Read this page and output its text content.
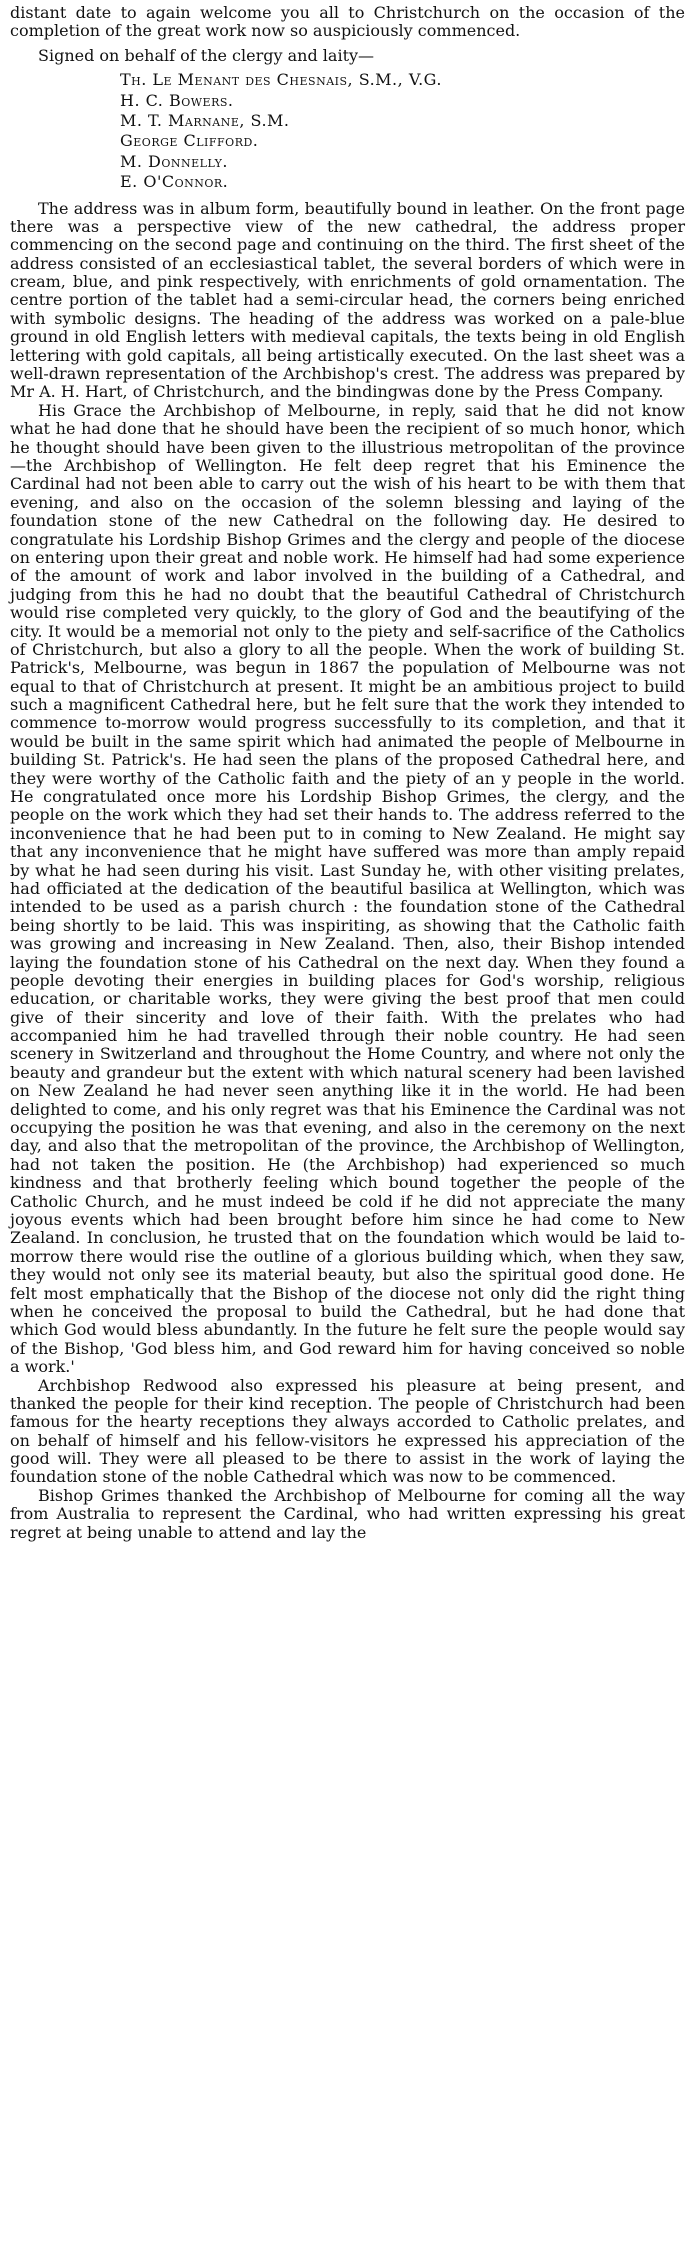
distant date to again welcome you all to Christchurch on the occasion of the completion of the great work now so auspiciously commenced.

Signed on behalf of the clergy and laity—

Th. Le Menant des Chesnais, S.M., V.G.
H. C. Bowers.
M. T. Marnane, S.M.
George Clifford.
M. Donnelly.
E. O'Connor.

The address was in album form, beautifully bound in leather. On the front page there was a perspective view of the new cathedral, the address proper commencing on the second page and continuing on the third. The first sheet of the address consisted of an ecclesiastical tablet, the several borders of which were in cream, blue, and pink respectively, with enrichments of gold ornamentation. The centre portion of the tablet had a semi-circular head, the corners being enriched with symbolic designs. The heading of the address was worked on a pale-blue ground in old English letters with medieval capitals, the texts being in old English lettering with gold capitals, all being artistically executed. On the last sheet was a well-drawn representation of the Archbishop's crest. The address was prepared by Mr A. H. Hart, of Christchurch, and the bindingwas done by the Press Company.

His Grace the Archbishop of Melbourne, in reply, said that he did not know what he had done that he should have been the recipient of so much honor, which he thought should have been given to the illustrious metropolitan of the province—the Archbishop of Wellington. He felt deep regret that his Eminence the Cardinal had not been able to carry out the wish of his heart to be with them that evening, and also on the occasion of the solemn blessing and laying of the foundation stone of the new Cathedral on the following day. He desired to congratulate his Lordship Bishop Grimes and the clergy and people of the diocese on entering upon their great and noble work. He himself had had some experience of the amount of work and labor involved in the building of a Cathedral, and judging from this he had no doubt that the beautiful Cathedral of Christchurch would rise completed very quickly, to the glory of God and the beautifying of the city. It would be a memorial not only to the piety and self-sacrifice of the Catholics of Christchurch, but also a glory to all the people. When the work of building St. Patrick's, Melbourne, was begun in 1867 the population of Melbourne was not equal to that of Christchurch at present. It might be an ambitious project to build such a magnificent Cathedral here, but he felt sure that the work they intended to commence to-morrow would progress successfully to its completion, and that it would be built in the same spirit which had animated the people of Melbourne in building St. Patrick's. He had seen the plans of the proposed Cathedral here, and they were worthy of the Catholic faith and the piety of an y people in the world. He congratulated once more his Lordship Bishop Grimes, the clergy, and the people on the work which they had set their hands to. The address referred to the inconvenience that he had been put to in coming to New Zealand. He might say that any inconvenience that he might have suffered was more than amply repaid by what he had seen during his visit. Last Sunday he, with other visiting prelates, had officiated at the dedication of the beautiful basilica at Wellington, which was intended to be used as a parish church : the foundation stone of the Cathedral being shortly to be laid. This was inspiriting, as showing that the Catholic faith was growing and increasing in New Zealand. Then, also, their Bishop intended laying the foundation stone of his Cathedral on the next day. When they found a people devoting their energies in building places for God's worship, religious education, or charitable works, they were giving the best proof that men could give of their sincerity and love of their faith. With the prelates who had accompanied him he had travelled through their noble country. He had seen scenery in Switzerland and throughout the Home Country, and where not only the beauty and grandeur but the extent with which natural scenery had been lavished on New Zealand he had never seen anything like it in the world. He had been delighted to come, and his only regret was that his Eminence the Cardinal was not occupying the position he was that evening, and also in the ceremony on the next day, and also that the metropolitan of the province, the Archbishop of Wellington, had not taken the position. He (the Archbishop) had experienced so much kindness and that brotherly feeling which bound together the people of the Catholic Church, and he must indeed be cold if he did not appreciate the many joyous events which had been brought before him since he had come to New Zealand. In conclusion, he trusted that on the foundation which would be laid to-morrow there would rise the outline of a glorious building which, when they saw, they would not only see its material beauty, but also the spiritual good done. He felt most emphatically that the Bishop of the diocese not only did the right thing when he conceived the proposal to build the Cathedral, but he had done that which God would bless abundantly. In the future he felt sure the people would say of the Bishop, 'God bless him, and God reward him for having conceived so noble a work.'

Archbishop Redwood also expressed his pleasure at being present, and thanked the people for their kind reception. The people of Christchurch had been famous for the hearty receptions they always accorded to Catholic prelates, and on behalf of himself and his fellow-visitors he expressed his appreciation of the good will. They were all pleased to be there to assist in the work of laying the foundation stone of the noble Cathedral which was now to be commenced.

Bishop Grimes thanked the Archbishop of Melbourne for coming all the way from Australia to represent the Cardinal, who had written expressing his great regret at being unable to attend and lay the
